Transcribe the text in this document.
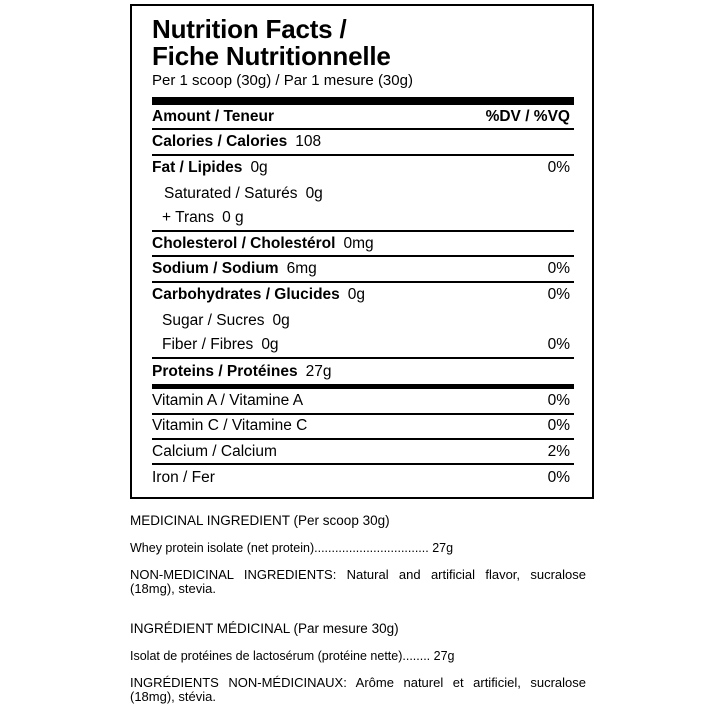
Nutrition Facts /
Fiche Nutritionnelle
Per 1 scoop (30g) / Par 1 mesure (30g)
Amount / Teneur	%DV / %VQ
Calories / Calories 108
Fat / Lipides 0g	0%
Saturated / Saturés 0g
+ Trans 0 g
Cholesterol / Cholestérol 0mg
Sodium / Sodium 6mg	0%
Carbohydrates / Glucides 0g	0%
Sugar / Sucres 0g
Fiber / Fibres 0g	0%
Proteins / Protéines 27g
Vitamin A / Vitamine A	0%
Vitamin C / Vitamine C	0%
Calcium / Calcium	2%
Iron / Fer	0%
MEDICINAL INGREDIENT (Per scoop 30g)
Whey protein isolate (net protein)................................. 27g
NON-MEDICINAL INGREDIENTS: Natural and artificial flavor, sucralose (18mg), stevia.
INGRÉDIENT MÉDICINAL (Par mesure 30g)
Isolat de protéines de lactosérum (protéine nette)........ 27g
INGRÉDIENTS NON-MÉDICINAUX: Arôme naturel et artificiel, sucralose (18mg), stévia.
